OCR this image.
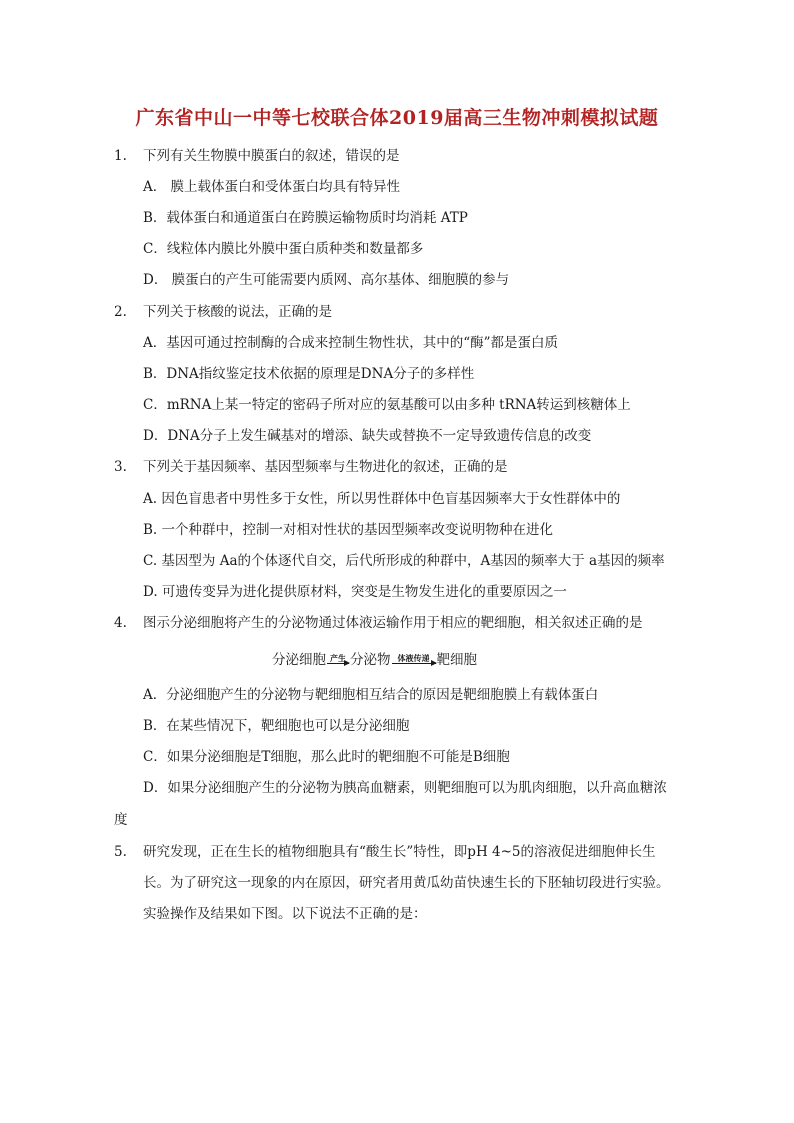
广东省中山一中等七校联合体2019届高三生物冲刺模拟试题
1. 下列有关生物膜中膜蛋白的叙述，错误的是
A． 膜上载体蛋白和受体蛋白均具有特异性
B．载体蛋白和通道蛋白在跨膜运输物质时均消耗 ATP
C．线粒体内膜比外膜中蛋白质种类和数量都多
D． 膜蛋白的产生可能需要内质网、高尔基体、细胞膜的参与
2. 下列关于核酸的说法，正确的是
A．基因可通过控制酶的合成来控制生物性状，其中的“酶”都是蛋白质
B．DNA指纹鉴定技术依据的原理是DNA分子的多样性
C．mRNA上某一特定的密码子所对应的氨基酸可以由多种 tRNA转运到核糖体上
D．DNA分子上发生碱基对的增添、缺失或替换不一定导致遗传信息的改变
3. 下列关于基因频率、基因型频率与生物进化的叙述，正确的是
A. 因色盲患者中男性多于女性，所以男性群体中色盲基因频率大于女性群体中的
B. 一个种群中，控制一对相对性状的基因型频率改变说明物种在进化
C. 基因型为 Aa的个体逐代自交，后代所形成的种群中，A基因的频率大于 a基因的频率
D. 可遗传变异为进化提供原材料，突变是生物发生进化的重要原因之一
4. 图示分泌细胞将产生的分泌物通过体液运输作用于相应的靶细胞，相关叙述正确的是
分泌细胞 产生 分泌物 体液传递 靶细胞
A．分泌细胞产生的分泌物与靶细胞相互结合的原因是靶细胞膜上有载体蛋白
B．在某些情况下，靶细胞也可以是分泌细胞
C．如果分泌细胞是T细胞，那么此时的靶细胞不可能是B细胞
D．如果分泌细胞产生的分泌物为胰高血糖素，则靶细胞可以为肌肉细胞，以升高血糖浓
度
5. 研究发现，正在生长的植物细胞具有“酸生长”特性，即pH 4~5的溶液促进细胞伸长生
长。为了研究这一现象的内在原因，研究者用黄瓜幼苗快速生长的下胚轴切段进行实验。
实验操作及结果如下图。以下说法不正确的是：
